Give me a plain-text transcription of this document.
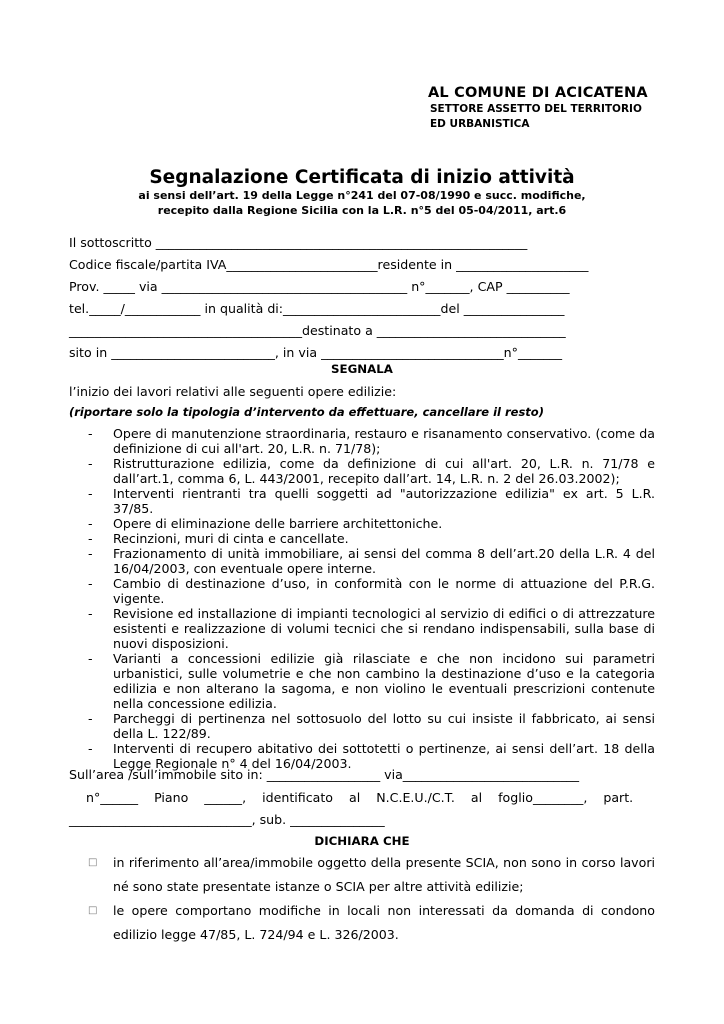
AL COMUNE DI ACICATENA
SETTORE ASSETTO DEL TERRITORIO
ED URBANISTICA
Segnalazione Certificata di inizio attività
ai sensi dell’art. 19 della Legge n°241 del 07-08/1990 e succ. modifiche,
recepito dalla Regione Sicilia con la L.R. n°5 del 05-04/2011, art.6
Il sottoscritto ___________________________________________________________
Codice fiscale/partita IVA________________________residente in _____________________
Prov. _____ via _______________________________________ n°_______, CAP __________
tel._____/____________ in qualità di:_________________________del ________________
_____________________________________destinato a ______________________________
sito in __________________________, in via _____________________________n°_______
SEGNALA
l’inizio dei lavori relativi alle seguenti opere edilizie:
(riportare solo la tipologia d’intervento da effettuare, cancellare il resto)
- Opere di manutenzione straordinaria, restauro e risanamento conservativo. (come da definizione di cui all'art. 20, L.R. n. 71/78);
- Ristrutturazione edilizia, come da definizione di cui all'art. 20, L.R. n. 71/78 e dall’art.1, comma 6, L. 443/2001, recepito dall’art. 14, L.R. n. 2 del 26.03.2002);
- Interventi rientranti tra quelli soggetti ad "autorizzazione edilizia" ex art. 5 L.R. 37/85.
- Opere di eliminazione delle barriere architettoniche.
- Recinzioni, muri di cinta e cancellate.
- Frazionamento di unità immobiliare, ai sensi del comma 8 dell’art.20 della L.R. 4 del 16/04/2003, con eventuale opere interne.
- Cambio di destinazione d’uso, in conformità con le norme di attuazione del P.R.G. vigente.
- Revisione ed installazione di impianti tecnologici al servizio di edifici o di attrezzature esistenti e realizzazione di volumi tecnici che si rendano indispensabili, sulla base di nuovi disposizioni.
- Varianti a concessioni edilizie già rilasciate e che non incidono sui parametri urbanistici, sulle volumetrie e che non cambino la destinazione d’uso e la categoria edilizia e non alterano la sagoma, e non violino le eventuali prescrizioni contenute nella concessione edilizia.
- Parcheggi di pertinenza nel sottosuolo del lotto su cui insiste il fabbricato, ai sensi della L. 122/89.
- Interventi di recupero abitativo dei sottotetti o pertinenze, ai sensi dell’art. 18 della Legge Regionale n° 4 del 16/04/2003.
Sull’area /sull’immobile sito in: __________________ via____________________________
n°______    Piano    ______,    identificato    al    N.C.E.U./C.T.    al    foglio________,    part.
_____________________________, sub. _______________
DICHIARA CHE
□	in riferimento all’area/immobile oggetto della presente SCIA, non sono in corso lavori né sono state presentate istanze o SCIA per altre attività edilizie;
□	le opere comportano modifiche in locali non interessati da domanda di condono edilizio legge 47/85, L. 724/94 e L. 326/2003.
